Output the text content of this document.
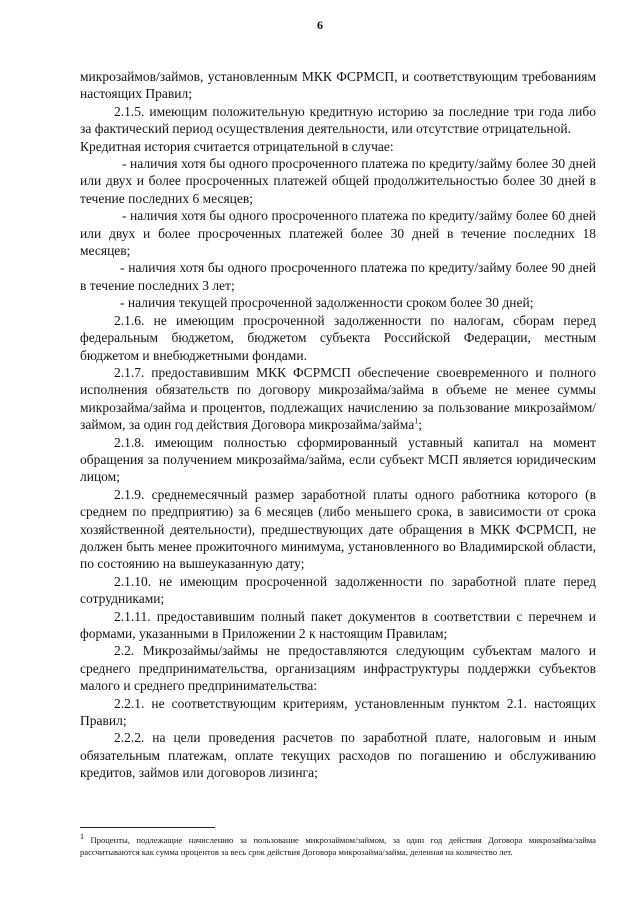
6

микрозаймов/займов, установленным МКК ФСРМСП, и соответствующим требованиям настоящих Правил;

2.1.5. имеющим положительную кредитную историю за последние три года либо за фактический период осуществления деятельности, или отсутствие отрицательной.

Кредитная история считается отрицательной в случае:

- наличия хотя бы одного просроченного платежа по кредиту/займу более 30 дней или двух и более просроченных платежей общей продолжительностью более 30 дней в течение последних 6 месяцев;

- наличия хотя бы одного просроченного платежа по кредиту/займу более 60 дней или двух и более просроченных платежей более 30 дней в течение последних 18 месяцев;

- наличия хотя бы одного просроченного платежа по кредиту/займу более 90 дней в течение последних 3 лет;

- наличия текущей просроченной задолженности сроком более 30 дней;

2.1.6. не имеющим просроченной задолженности по налогам, сборам перед федеральным бюджетом, бюджетом субъекта Российской Федерации, местным бюджетом и внебюджетными фондами.

2.1.7. предоставившим МКК ФСРМСП обеспечение своевременного и полного исполнения обязательств по договору микрозайма/займа в объеме не менее суммы микрозайма/займа и процентов, подлежащих начислению за пользование микрозаймом/займом, за один год действия Договора микрозайма/займа$^1$;

2.1.8. имеющим полностью сформированный уставный капитал на момент обращения за получением микрозайма/займа, если субъект МСП является юридическим лицом;

2.1.9. среднемесячный размер заработной платы одного работника которого (в среднем по предприятию) за 6 месяцев (либо меньшего срока, в зависимости от срока хозяйственной деятельности), предшествующих дате обращения в МКК ФСРМСП, не должен быть менее прожиточного минимума, установленного во Владимирской области, по состоянию на вышеуказанную дату;

2.1.10. не имеющим просроченной задолженности по заработной плате перед сотрудниками;

2.1.11. предоставившим полный пакет документов в соответствии с перечнем и формами, указанными в Приложении 2 к настоящим Правилам;

2.2. Микрозаймы/займы не предоставляются следующим субъектам малого и среднего предпринимательства, организациям инфраструктуры поддержки субъектов малого и среднего предпринимательства:

2.2.1. не соответствующим критериям, установленным пунктом 2.1. настоящих Правил;

2.2.2. на цели проведения расчетов по заработной плате, налоговым и иным обязательным платежам, оплате текущих расходов по погашению и обслуживанию кредитов, займов или договоров лизинга;

$^1$ Проценты, подлежащие начислению за пользование микрозаймом/займом, за один год действия Договора микрозайма/займа рассчитываются как сумма процентов за весь срок действия Договора микрозайма/займа, деленная на количество лет.
